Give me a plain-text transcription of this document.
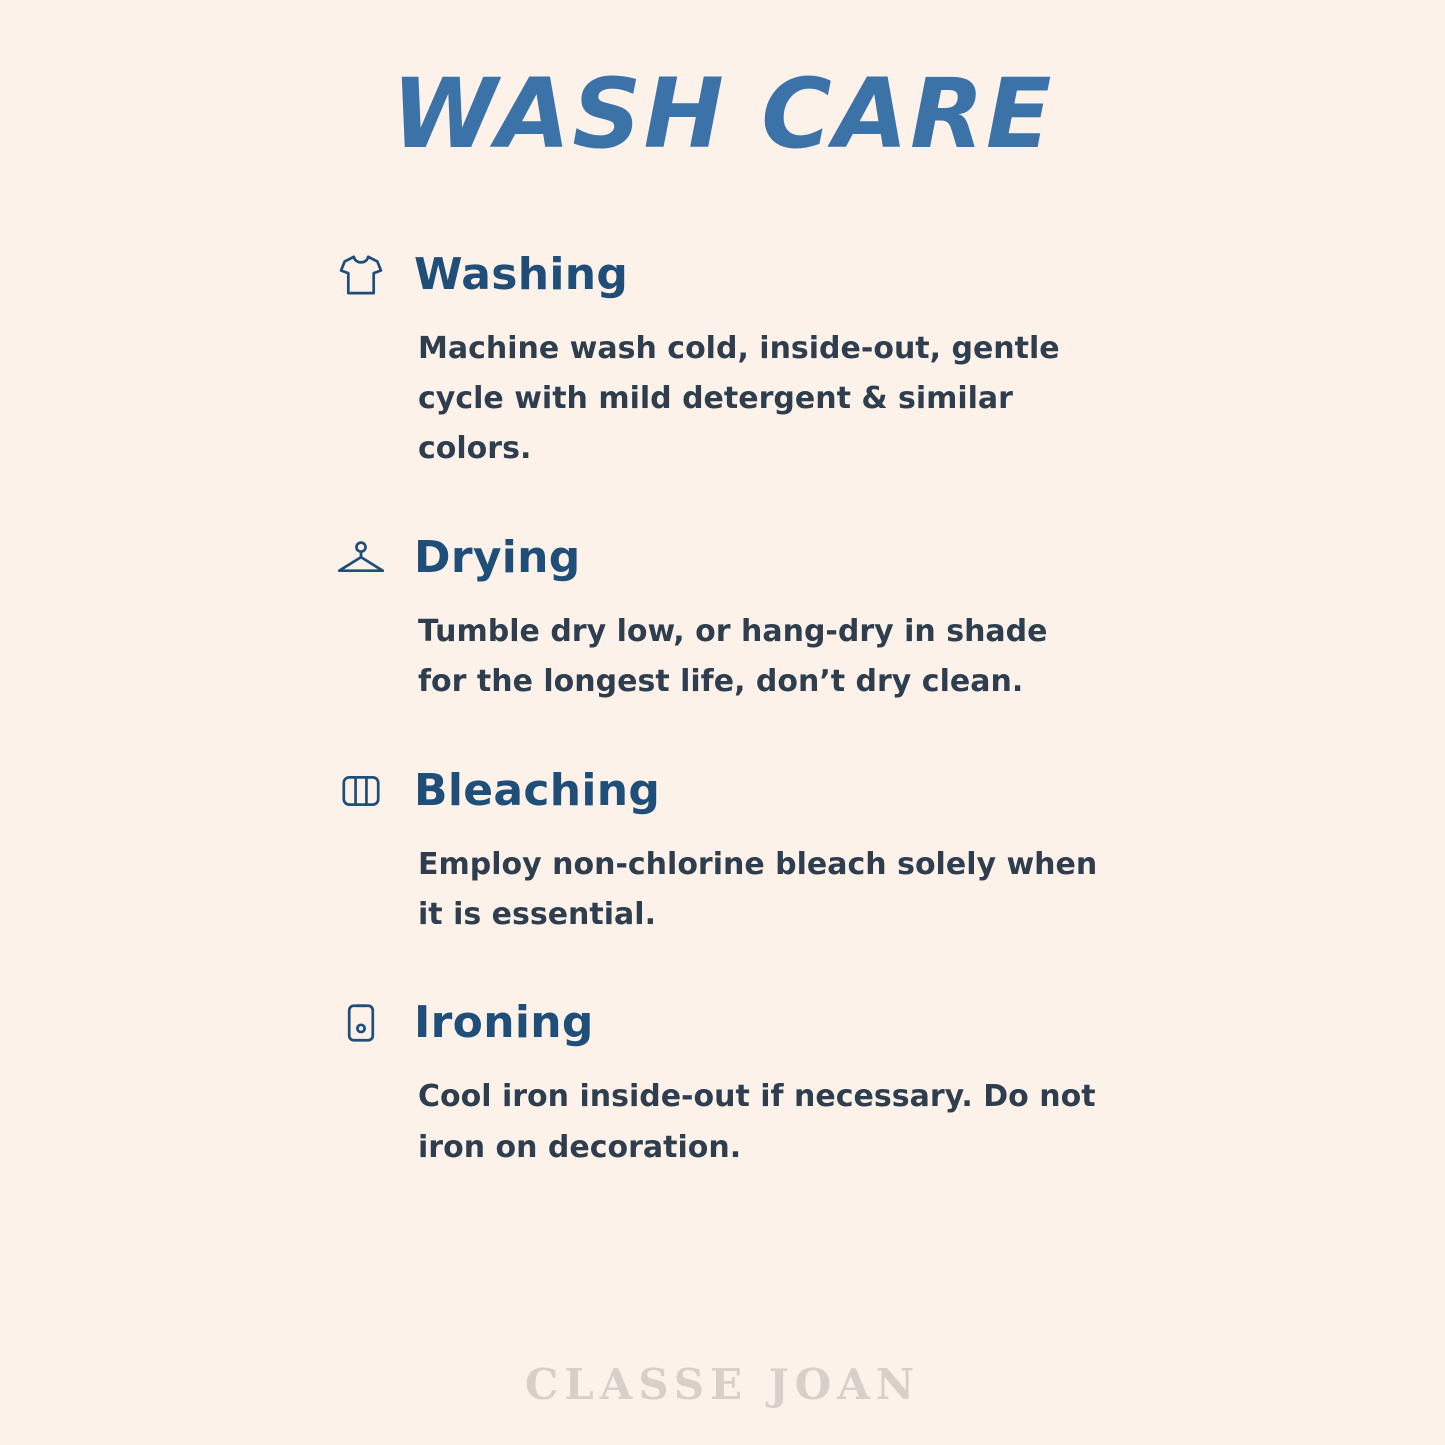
WASH CARE
Washing
Machine wash cold, inside-out, gentle cycle with mild detergent & similar colors.
Drying
Tumble dry low, or hang-dry in shade for the longest life, don’t dry clean.
Bleaching
Employ non-chlorine bleach solely when it is essential.
Ironing
Cool iron inside-out if necessary. Do not iron on decoration.
CLASSE JOAN
